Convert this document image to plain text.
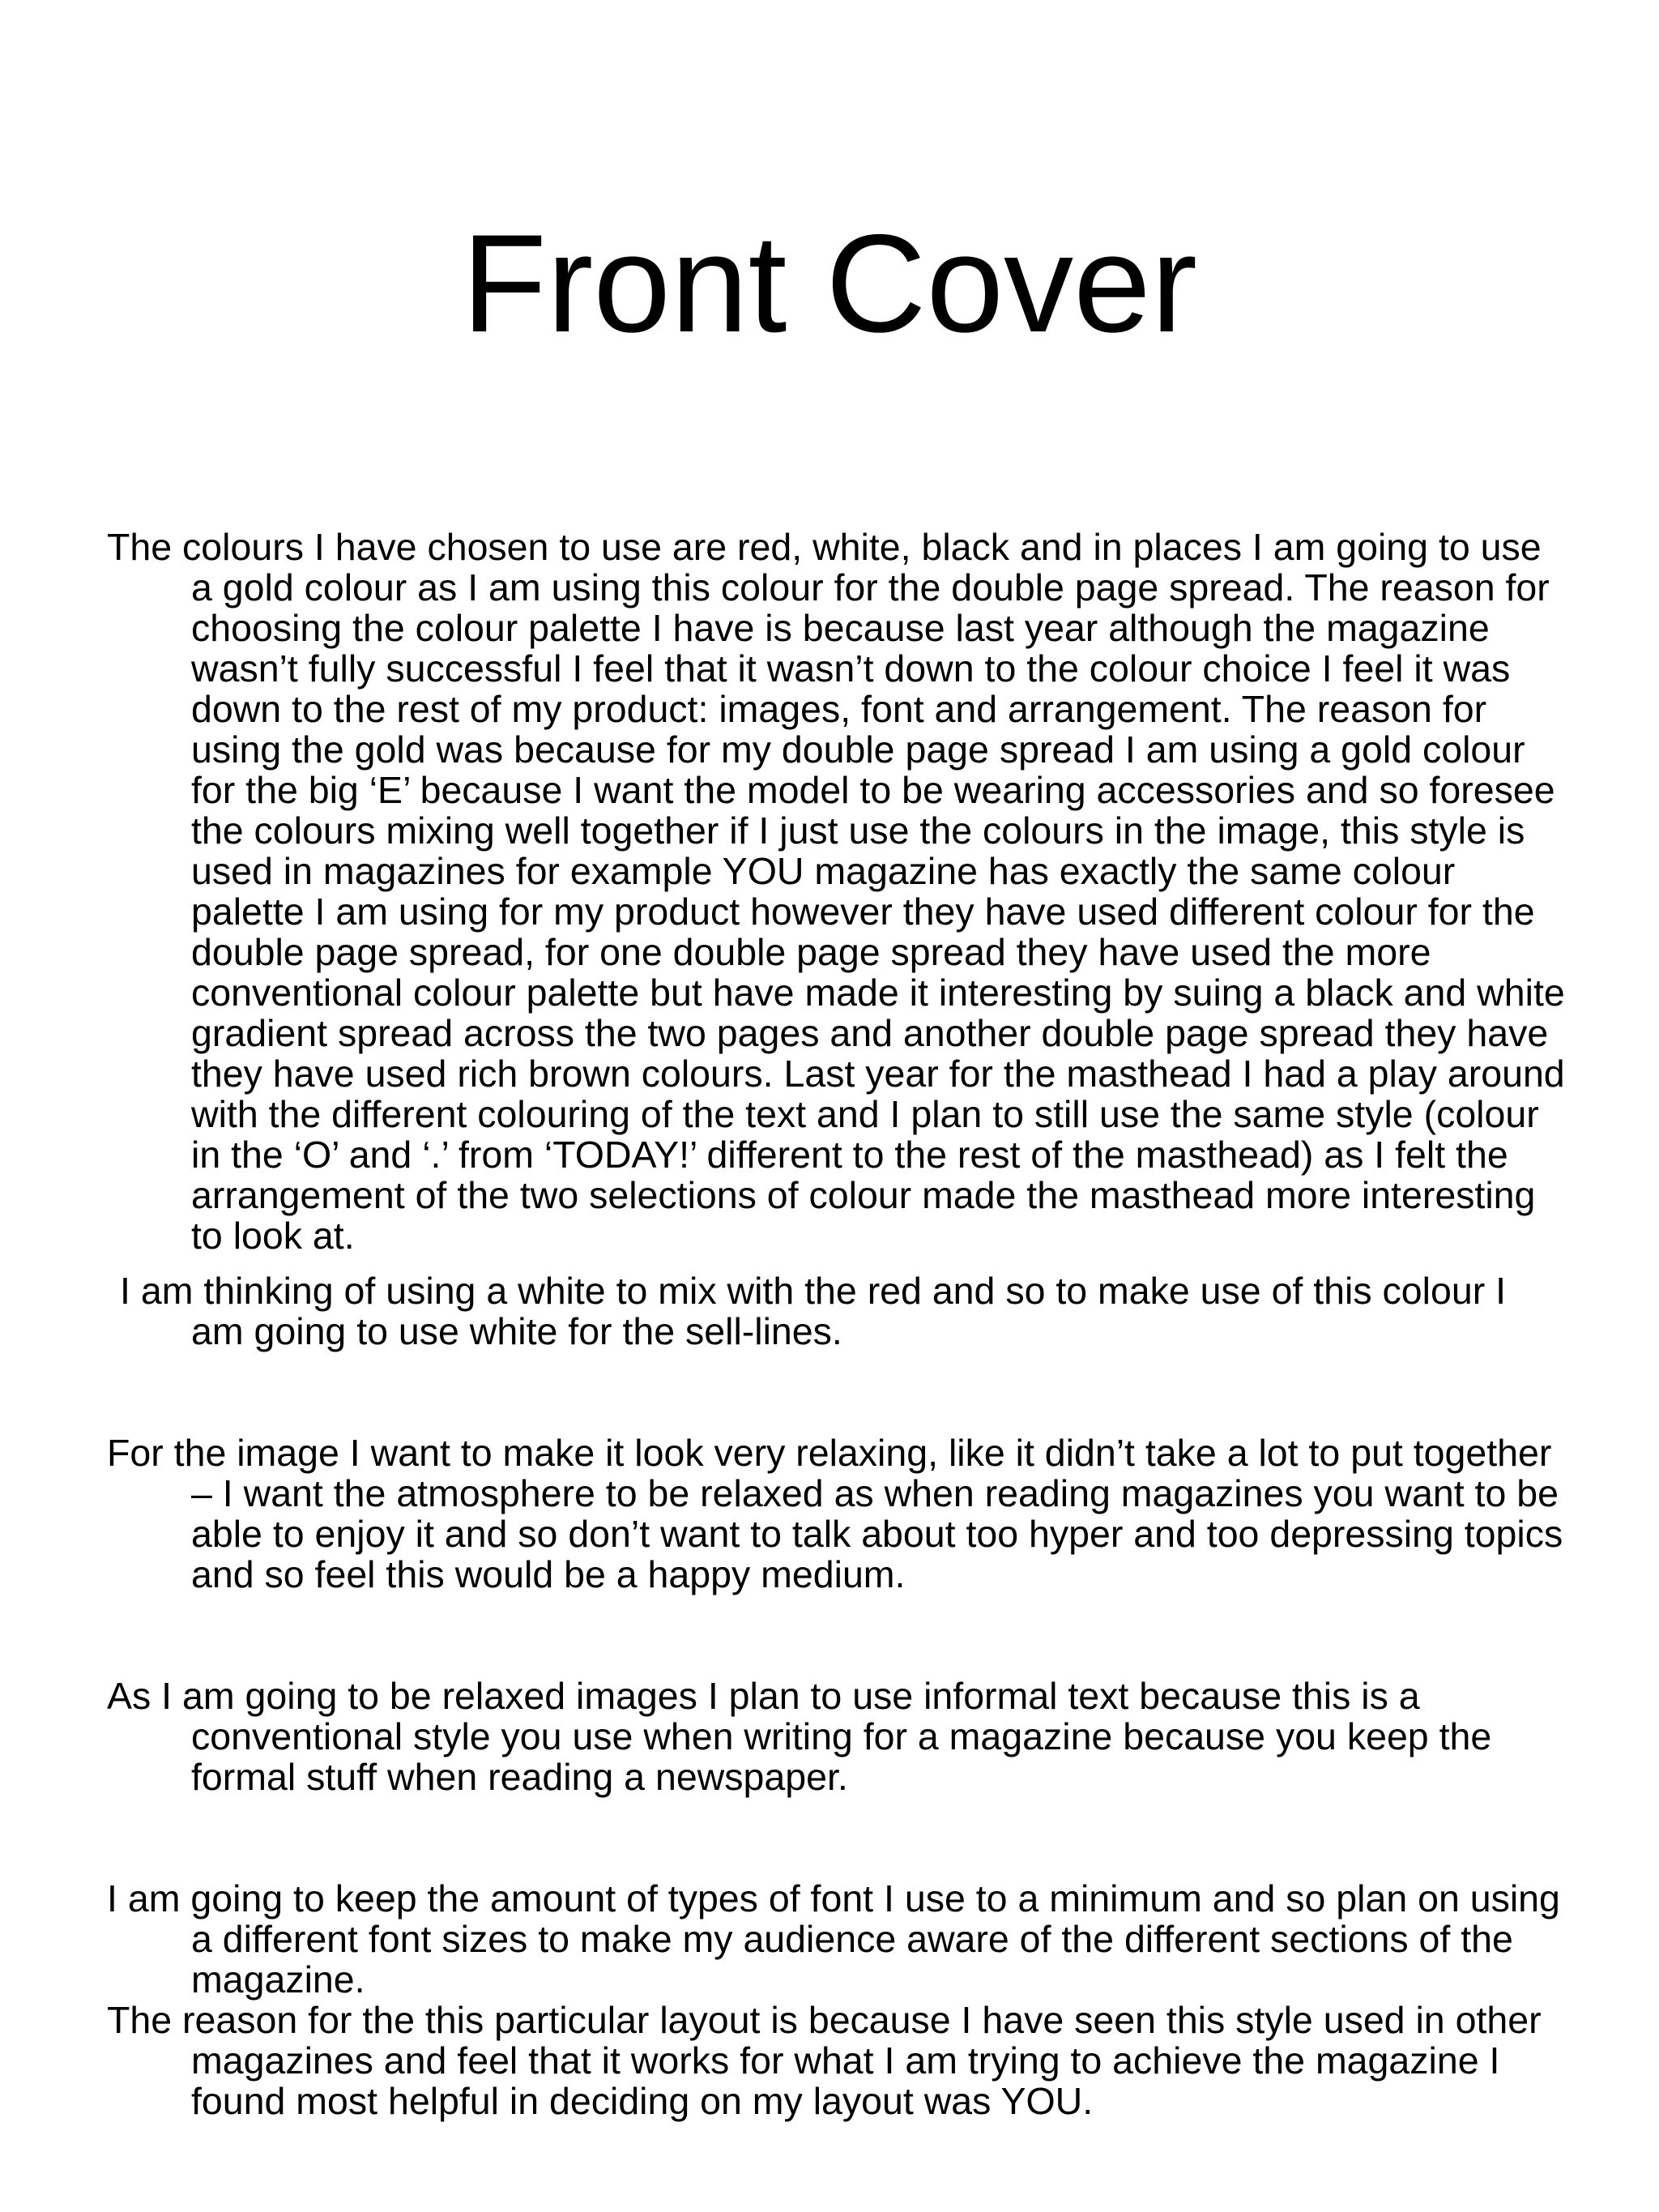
Front Cover

The colours I have chosen to use are red, white, black and in places I am going to use a gold colour as I am using this colour for the double page spread. The reason for choosing the colour palette I have is because last year although the magazine wasn’t fully successful I feel that it wasn’t down to the colour choice I feel it was down to the rest of my product: images, font and arrangement. The reason for using the gold was because for my double page spread I am using a gold colour for the big ‘E’ because I want the model to be wearing accessories and so foresee the colours mixing well together if I just use the colours in the image, this style is used in magazines for example YOU magazine has exactly the same colour palette I am using for my product however they have used different colour for the double page spread, for one double page spread they have used the more conventional colour palette but have made it interesting by suing a black and white gradient spread across the two pages and another double page spread they have they have used rich brown colours. Last year for the masthead I had a play around with the different colouring of the text and I plan to still use the same style (colour in the ‘O’ and ‘.’ from ‘TODAY!’ different to the rest of the masthead) as I felt the arrangement of the two selections of colour made the masthead more interesting to look at.

I am thinking of using a white to mix with the red and so to make use of this colour I am going to use white for the sell-lines.

For the image I want to make it look very relaxing, like it didn’t take a lot to put together – I want the atmosphere to be relaxed as when reading magazines you want to be able to enjoy it and so don’t want to talk about too hyper and too depressing topics and so feel this would be a happy medium.

As I am going to be relaxed images I plan to use informal text because this is a conventional style you use when writing for a magazine because you keep the formal stuff when reading a newspaper.

I am going to keep the amount of types of font I use to a minimum and so plan on using a different font sizes to make my audience aware of the different sections of the magazine.

The reason for the this particular layout is because I have seen this style used in other magazines and feel that it works for what I am trying to achieve the magazine I found most helpful in deciding on my layout was YOU.
